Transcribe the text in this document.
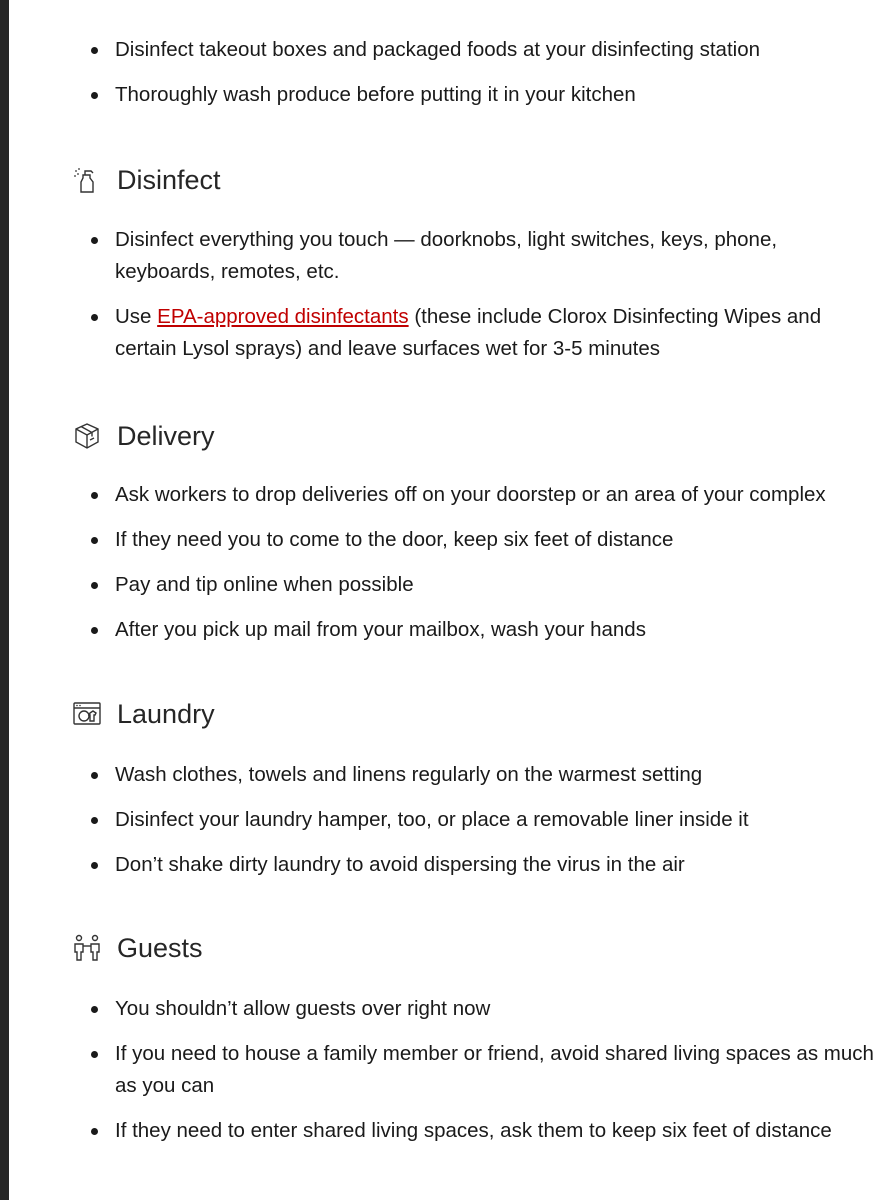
Disinfect takeout boxes and packaged foods at your disinfecting station
Thoroughly wash produce before putting it in your kitchen
Disinfect
Disinfect everything you touch — doorknobs, light switches, keys, phone, keyboards, remotes, etc.
Use EPA-approved disinfectants (these include Clorox Disinfecting Wipes and certain Lysol sprays) and leave surfaces wet for 3-5 minutes
Delivery
Ask workers to drop deliveries off on your doorstep or an area of your complex
If they need you to come to the door, keep six feet of distance
Pay and tip online when possible
After you pick up mail from your mailbox, wash your hands
Laundry
Wash clothes, towels and linens regularly on the warmest setting
Disinfect your laundry hamper, too, or place a removable liner inside it
Don’t shake dirty laundry to avoid dispersing the virus in the air
Guests
You shouldn’t allow guests over right now
If you need to house a family member or friend, avoid shared living spaces as much as you can
If they need to enter shared living spaces, ask them to keep six feet of distance
